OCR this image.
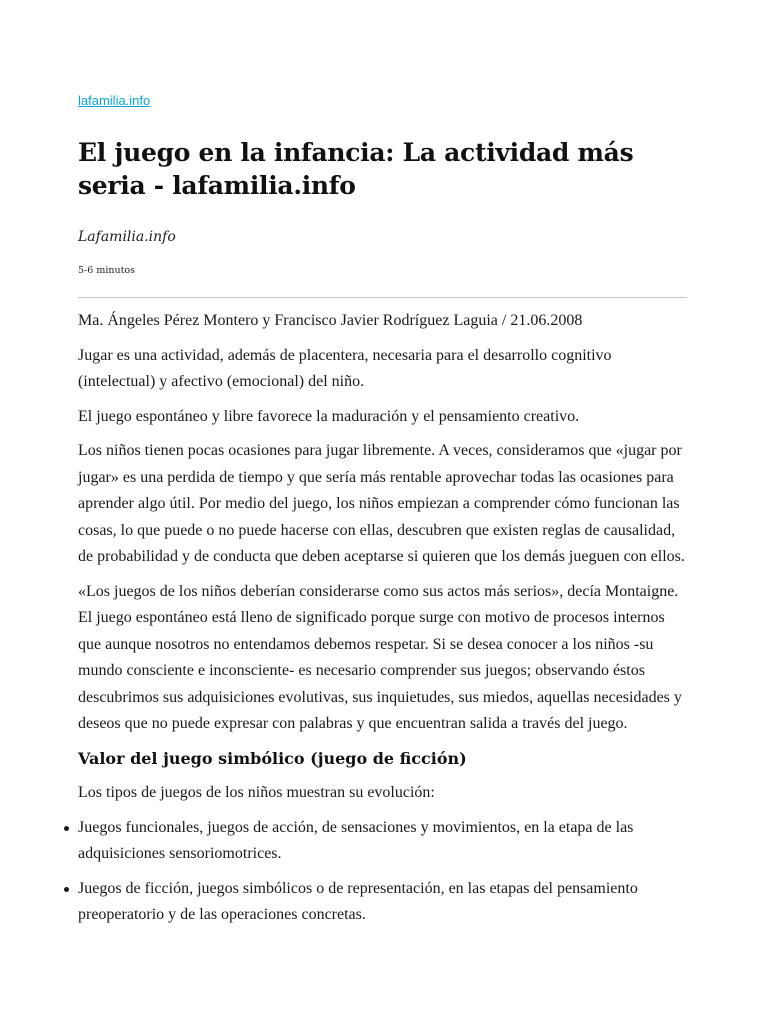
lafamilia.info
El juego en la infancia: La actividad más seria - lafamilia.info
Lafamilia.info
5-6 minutos

Ma. Ángeles Pérez Montero y Francisco Javier Rodríguez Laguia / 21.06.2008

Jugar es una actividad, además de placentera, necesaria para el desarrollo cognitivo (intelectual) y afectivo (emocional) del niño.

El juego espontáneo y libre favorece la maduración y el pensamiento creativo.

Los niños tienen pocas ocasiones para jugar libremente. A veces, consideramos que «jugar por jugar» es una perdida de tiempo y que sería más rentable aprovechar todas las ocasiones para aprender algo útil. Por medio del juego, los niños empiezan a comprender cómo funcionan las cosas, lo que puede o no puede hacerse con ellas, descubren que existen reglas de causalidad, de probabilidad y de conducta que deben aceptarse si quieren que los demás jueguen con ellos.

«Los juegos de los niños deberían considerarse como sus actos más serios», decía Montaigne. El juego espontáneo está lleno de significado porque surge con motivo de procesos internos que aunque nosotros no entendamos debemos respetar. Si se desea conocer a los niños -su mundo consciente e inconsciente- es necesario comprender sus juegos; observando éstos descubrimos sus adquisiciones evolutivas, sus inquietudes, sus miedos, aquellas necesidades y deseos que no puede expresar con palabras y que encuentran salida a través del juego.

Valor del juego simbólico (juego de ficción)

Los tipos de juegos de los niños muestran su evolución:

Juegos funcionales, juegos de acción, de sensaciones y movimientos, en la etapa de las adquisiciones sensoriomotrices.
Juegos de ficción, juegos simbólicos o de representación, en las etapas del pensamiento preoperatorio y de las operaciones concretas.
